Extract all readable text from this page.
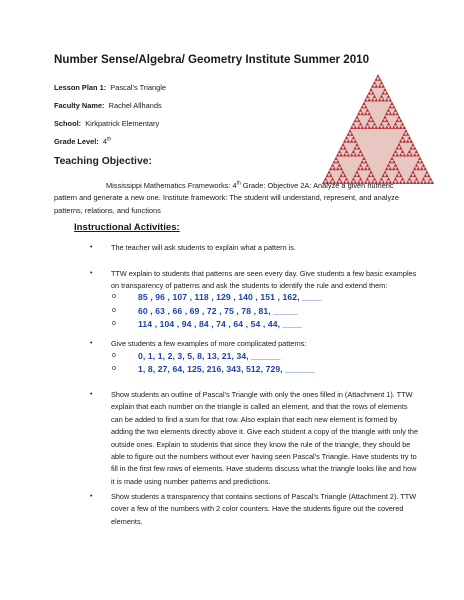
Number Sense/Algebra/ Geometry Institute Summer 2010
Lesson Plan 1: Pascal’s Triangle
Faculty Name: Rachel Allhands
School: Kirkpatrick Elementary
Grade Level: 4th
Teaching Objective:
Mississippi Mathematics Frameworks: 4th Grade: Objective 2A: Analyze a given numeric pattern and generate a new one. Institute framework: The student will understand, represent, and analyze patterns, relations, and functions
Instructional Activities:
•	The teacher will ask students to explain what a pattern is.
•	TTW explain to students that patterns are seen every day. Give students a few basic examples on transparency of patterns and ask the students to identify the rule and extend them:
o	85 , 96 , 107 , 118 , 129 , 140 , 151 , 162, ____
o	60 , 63 , 66 , 69 , 72 , 75 , 78 , 81, _____
o	114 , 104 , 94 , 84 , 74 , 64 , 54 , 44, ____
•	Give students a few examples of more complicated patterns:
o	0, 1, 1, 2, 3, 5, 8, 13, 21, 34, ______
o	1, 8, 27, 64, 125, 216, 343, 512, 729, ______
•	Show students an outline of Pascal’s Triangle with only the ones filled in (Attachment 1). TTW explain that each number on the triangle is called an element, and that the rows of elements can be added to find a sum for that row. Also explain that each new element is formed by adding the two elements directly above it. Give each student a copy of the triangle with only the outside ones. Explain to students that since they know the rule of the triangle, they should be able to figure out the numbers without ever having seen Pascal’s Triangle. Have students try to fill in the first few rows of elements. Have students discuss what the triangle looks like and how it is made using number patterns and predictions.
•	Show students a transparency that contains sections of Pascal’s Triangle (Attachment 2). TTW cover a few of the numbers with 2 color counters. Have the students figure out the covered elements.
